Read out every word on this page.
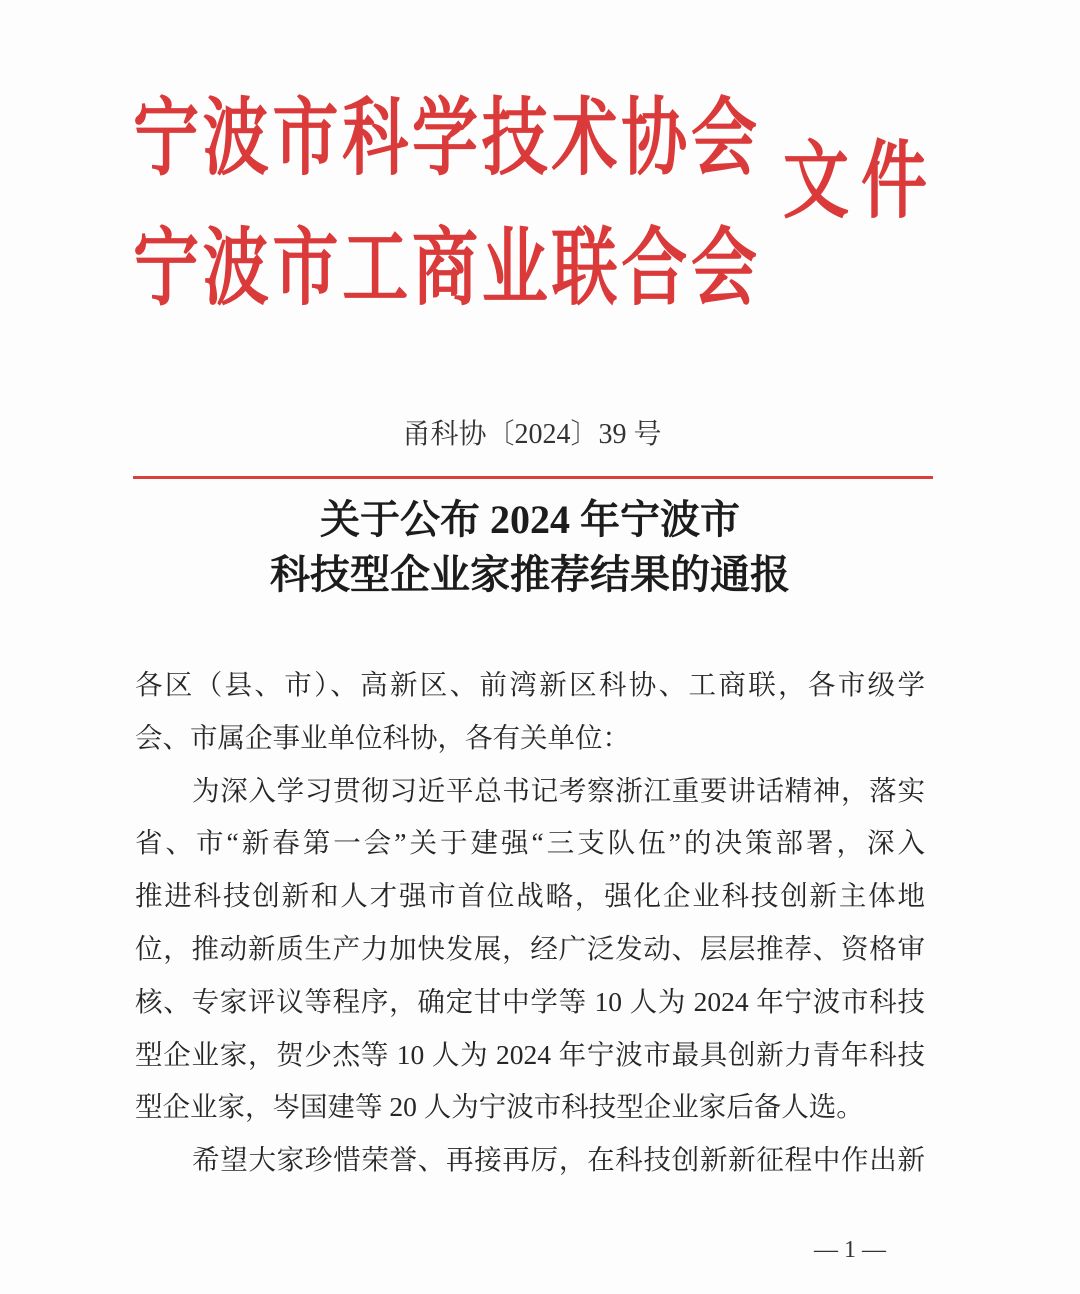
宁波市科学技术协会
宁波市工商业联合会
文件
甬科协〔2024〕39 号
关于公布 2024 年宁波市
科技型企业家推荐结果的通报
各区（县、市）、高新区、前湾新区科协、工商联，各市级学
会、市属企事业单位科协，各有关单位：
为深入学习贯彻习近平总书记考察浙江重要讲话精神，落实
省、市“新春第一会”关于建强“三支队伍”的决策部署，深入
推进科技创新和人才强市首位战略，强化企业科技创新主体地
位，推动新质生产力加快发展，经广泛发动、层层推荐、资格审
核、专家评议等程序，确定甘中学等 10 人为 2024 年宁波市科技
型企业家，贺少杰等 10 人为 2024 年宁波市最具创新力青年科技
型企业家，岑国建等 20 人为宁波市科技型企业家后备人选。
希望大家珍惜荣誉、再接再厉，在科技创新新征程中作出新
— 1 —
